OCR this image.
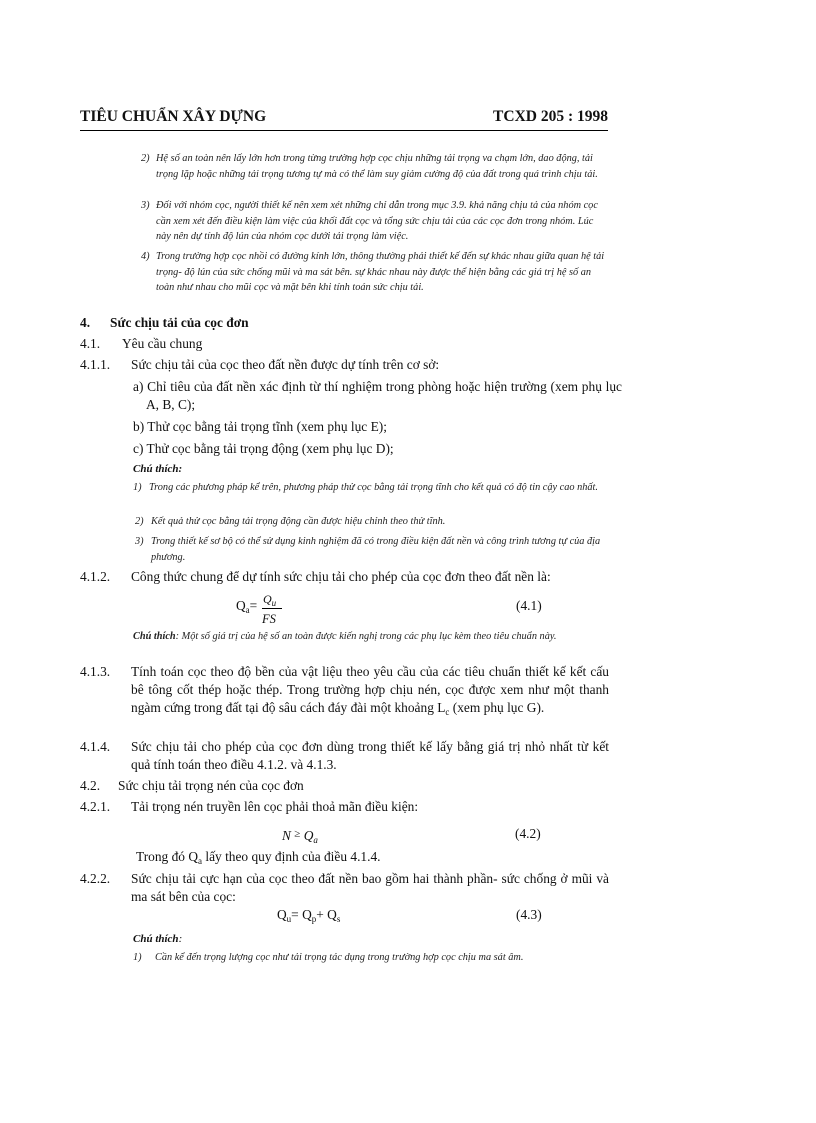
TIÊU CHUẨN XÂY DỰNG	TCXD 205 : 1998
2) Hệ số an toàn nên lấy lớn hơn trong từng trường hợp cọc chịu những tải trọng va chạm lớn, dao động, tải trọng lặp hoặc những tải trọng tương tự mà có thể làm suy giảm cường độ của đất trong quá trình chịu tải.
3) Đối với nhóm cọc, người thiết kế nên xem xét những chỉ dẫn trong mục 3.9. khả năng chịu tả của nhóm cọc cần xem xét đến điều kiện làm việc của khối đất cọc và tổng sức chịu tải của các cọc đơn trong nhóm. Lúc này nên dự tính độ lún của nhóm cọc dưới tải trọng làm việc.
4) Trong trường hợp cọc nhồi có đường kính lớn, thông thường phải thiết kế đến sự khác nhau giữa quan hệ tải trọng- độ lún của sức chống mũi và ma sát bên. sự khác nhau này được thể hiện bằng các giá trị hệ số an toàn như nhau cho mũi cọc và mặt bên khi tính toán sức chịu tải.
4. Sức chịu tải của cọc đơn
4.1. Yêu cầu chung
4.1.1. Sức chịu tải của cọc theo đất nền được dự tính trên cơ sở:
a) Chỉ tiêu của đất nền xác định từ thí nghiệm trong phòng hoặc hiện trường (xem phụ lục A, B, C);
b) Thử cọc bằng tải trọng tĩnh (xem phụ lục E);
c) Thử cọc bằng tải trọng động (xem phụ lục D);
Chú thích:
1) Trong các phương pháp kể trên, phương pháp thử cọc bằng tải trọng tĩnh cho kết quả có độ tin cậy cao nhất.
2) Kết quả thử cọc bằng tải trọng động cần được hiệu chỉnh theo thử tĩnh.
3) Trong thiết kế sơ bộ có thể sử dụng kinh nghiệm đã có trong điều kiện đất nền và công trình tương tự của địa phương.
4.1.2. Công thức chung để dự tính sức chịu tải cho phép của cọc đơn theo đất nền là:
$Q_a= Q_u$
FS
(4.1)
Chú thích: Một số giá trị của hệ số an toàn được kiến nghị trong các phụ lục kèm theo tiêu chuẩn này.
4.1.3. Tính toán cọc theo độ bền của vật liệu theo yêu cầu của các tiêu chuẩn thiết kế kết cấu bê tông cốt thép hoặc thép. Trong trường hợp chịu nén, cọc được xem như một thanh ngàm cứng trong đất tại độ sâu cách đáy đài một khoảng $L_c$ (xem phụ lục G).
4.1.4. Sức chịu tải cho phép của cọc đơn dùng trong thiết kế lấy bằng giá trị nhỏ nhất từ kết quả tính toán theo điều 4.1.2. và 4.1.3.
4.2. Sức chịu tải trọng nén của cọc đơn
4.2.1. Tải trọng nén truyền lên cọc phải thoả mãn điều kiện:
N ≥ $Q_a$	(4.2)
Trong đó $Q_a$ lấy theo quy định của điều 4.1.4.
4.2.2. Sức chịu tải cực hạn của cọc theo đất nền bao gồm hai thành phần- sức chống ở mũi và ma sát bên của cọc:
$Q_u= Q_p+ Q_s$	(4.3)
Chú thích:
1)	Cần kể đến trọng lượng cọc như tải trọng tác dụng trong trường hợp cọc chịu ma sát âm.
